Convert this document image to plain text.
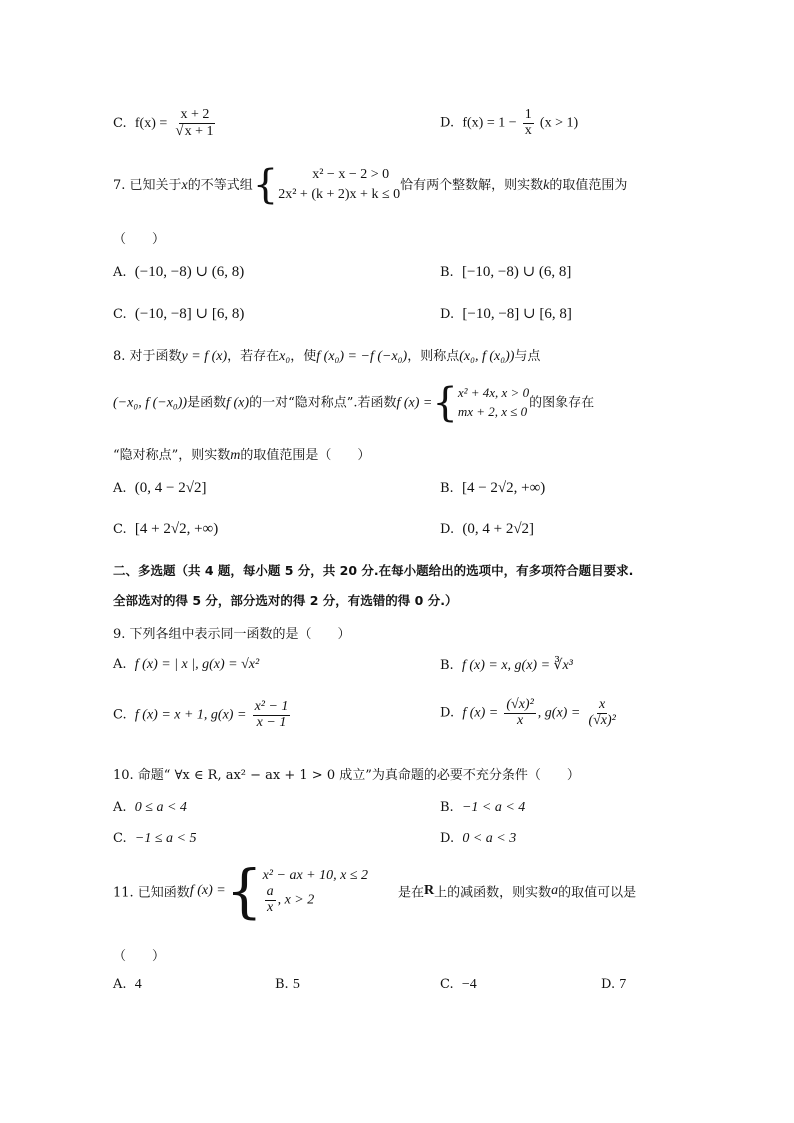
C. $f(x) = \frac{x + 2}{√x + 1}$	D. $f(x) = 1 - \frac{1}{x} (x > 1)$
7. 已知关于x的不等式组 {	x² − x − 2 > 0
2x² + (k + 2)x + k ≤ 0
恰有两个整数解，则实数k的取值范围为
（　　）
A. (−10, −8) ∪ (6, 8)	B. [−10, −8) ∪ (6, 8]
C. (−10, −8] ∪ [6, 8)	D. [−10, −8] ∪ [6, 8]
8. 对于函数y = f (x)，若存在x₀，使f (x₀) = −f (−x₀)，则称点(x₀, f (x₀))与点
(−x₀, f (−x₀))是函数f (x)的一对“隐对称点”.若函数f (x) = { x² + 4x, x > 0
mx + 2, x ≤ 0
的图象存在
“隐对称点”，则实数m的取值范围是（　　）
A. (0, 4 − 2√2]	B. [4 − 2√2, +∞)
C. [4 + 2√2, +∞)	D. (0, 4 + 2√2]
二、多选题（共 4 题，每小题 5 分，共 20 分.在每小题给出的选项中，有多项符合题目要求.
全部选对的得 5 分，部分选对的得 2 分，有选错的得 0 分.）
9. 下列各组中表示同一函数的是（　　）
A. f (x) = | x |, g(x) = √x²	B. f (x) = x, g(x) = ∛x³
C. f (x) = x + 1, $g(x) = \frac{\text{x² − 1}}{x - 1}$	D. f $(x) = \frac{\text{(√x)²}}{x}$ , $g(x) = \frac{x}{\text{(√x)²}}$
10. 命题“ ∀x ∈ R, ax² − ax + 1 > 0 成立”为真命题的必要不充分条件（　　）
A. 0 ≤ a < 4	B. −1 < a < 4
C. −1 ≤ a < 5	D. 0 < a < 3
11. 已知函数f (x) = { x² − ax + 10, x ≤ 2
$\frac{a}{x}$ , x > 2	是在R上的减函数，则实数a的取值可以是
（　　）
A. 4	B. 5	C. −4	D. 7
